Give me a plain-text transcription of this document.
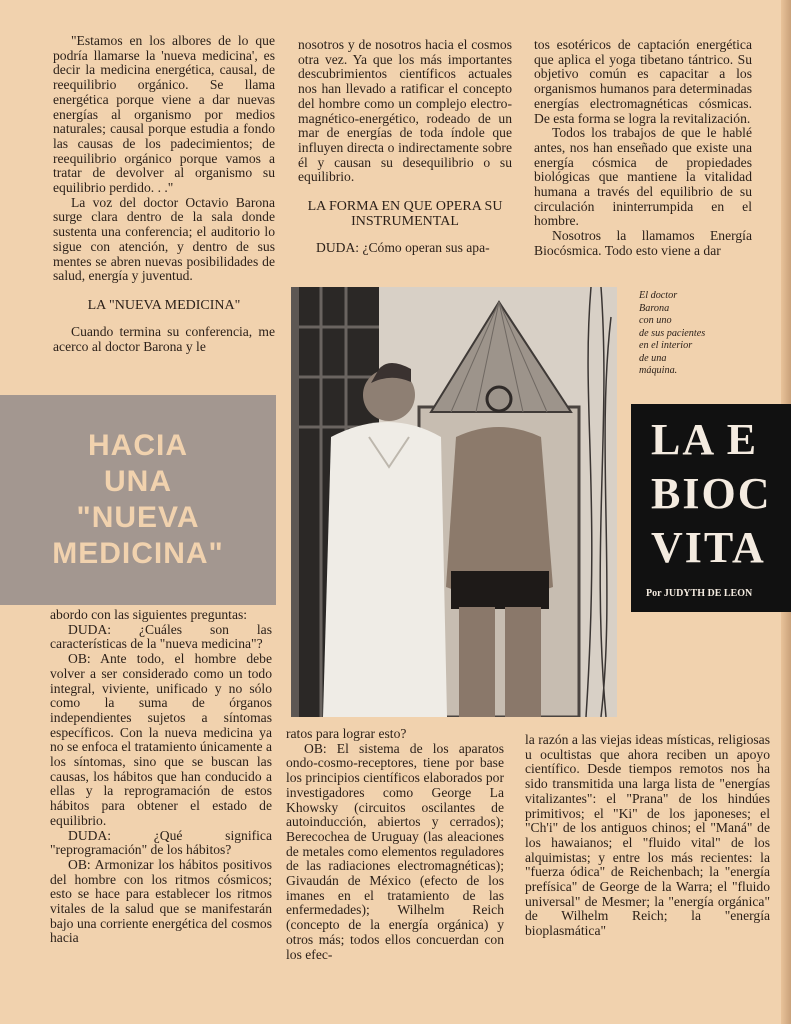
"Estamos en los albores de lo que podría llamarse la 'nueva medicina', es decir la medicina energética, causal, de reequilibrio orgánico. Se llama energética porque viene a dar nuevas energías al organismo por medios naturales; causal porque estudia a fondo las causas de los padecimientos; de reequilibrio orgánico porque vamos a tratar de devolver al organismo su equilibrio perdido. . ."

La voz del doctor Octavio Barona surge clara dentro de la sala donde sustenta una conferencia; el auditorio lo sigue con atención, y dentro de sus mentes se abren nuevas posibilidades de salud, energía y juventud.

LA "NUEVA MEDICINA"

Cuando termina su conferencia, me acerco al doctor Barona y le

HACIA
UNA
"NUEVA
MEDICINA"

abordo con las siguientes preguntas:

DUDA: ¿Cuáles son las características de la "nueva medicina"?

OB: Ante todo, el hombre debe volver a ser considerado como un todo integral, viviente, unificado y no sólo como la suma de órganos independientes sujetos a síntomas específicos. Con la nueva medicina ya no se enfoca el tratamiento únicamente a los síntomas, sino que se buscan las causas, los hábitos que han conducido a ellas y la reprogramación de estos hábitos para obtener el estado de equilibrio.

DUDA: ¿Qué significa "reprogramación" de los hábitos?

OB: Armonizar los hábitos positivos del hombre con los ritmos cósmicos; esto se hace para establecer los ritmos vitales de la salud que se manifestarán bajo una corriente energética del cosmos hacia

nosotros y de nosotros hacia el cosmos otra vez. Ya que los más importantes descubrimientos científicos actuales nos han llevado a ratificar el concepto del hombre como un complejo electro-magnético-energético, rodeado de un mar de energías de toda índole que influyen directa o indirectamente sobre él y causan su desequilibrio o su equilibrio.

LA FORMA EN QUE OPERA SU INSTRUMENTAL

DUDA: ¿Cómo operan sus apa-

El doctor
Barona
con uno
de sus pacientes
en el interior
de una
máquina.
LA E
BIOC
VITA
Por JUDYTH DE LEON

ratos para lograr esto?

OB: El sistema de los aparatos ondo-cosmo-receptores, tiene por base los principios científicos elaborados por investigadores como George La Khowsky (circuitos oscilantes de autoinducción, abiertos y cerrados); Berecochea de Uruguay (las aleaciones de metales como elementos reguladores de las radiaciones electromagnéticas); Givaudán de México (efecto de los imanes en el tratamiento de las enfermedades); Wilhelm Reich (concepto de la energía orgánica) y otros más; todos ellos concuerdan con los efec-

tos esotéricos de captación energética que aplica el yoga tibetano tántrico. Su objetivo común es capacitar a los organismos humanos para determinadas energías electromagnéticas cósmicas. De esta forma se logra la revitalización.

Todos los trabajos de que le hablé antes, nos han enseñado que existe una energía cósmica de propiedades biológicas que mantiene la vitalidad humana a través del equilibrio de su circulación ininterrumpida en el hombre.

Nosotros la llamamos Energía Biocósmica. Todo esto viene a dar

la razón a las viejas ideas místicas, religiosas u ocultistas que ahora reciben un apoyo científico. Desde tiempos remotos nos ha sido transmitida una larga lista de "energías vitalizantes": el "Prana" de los hindúes primitivos; el "Ki" de los japoneses; el "Ch'i" de los antiguos chinos; el "Maná" de los hawaianos; el "fluido vital" de los alquimistas; y entre los más recientes: la "fuerza ódica" de Reichenbach; la "energía prefísica" de George de la Warra; el "fluido universal" de Mesmer; la "energía orgánica" de Wilhelm Reich; la "energía bioplasmática"
